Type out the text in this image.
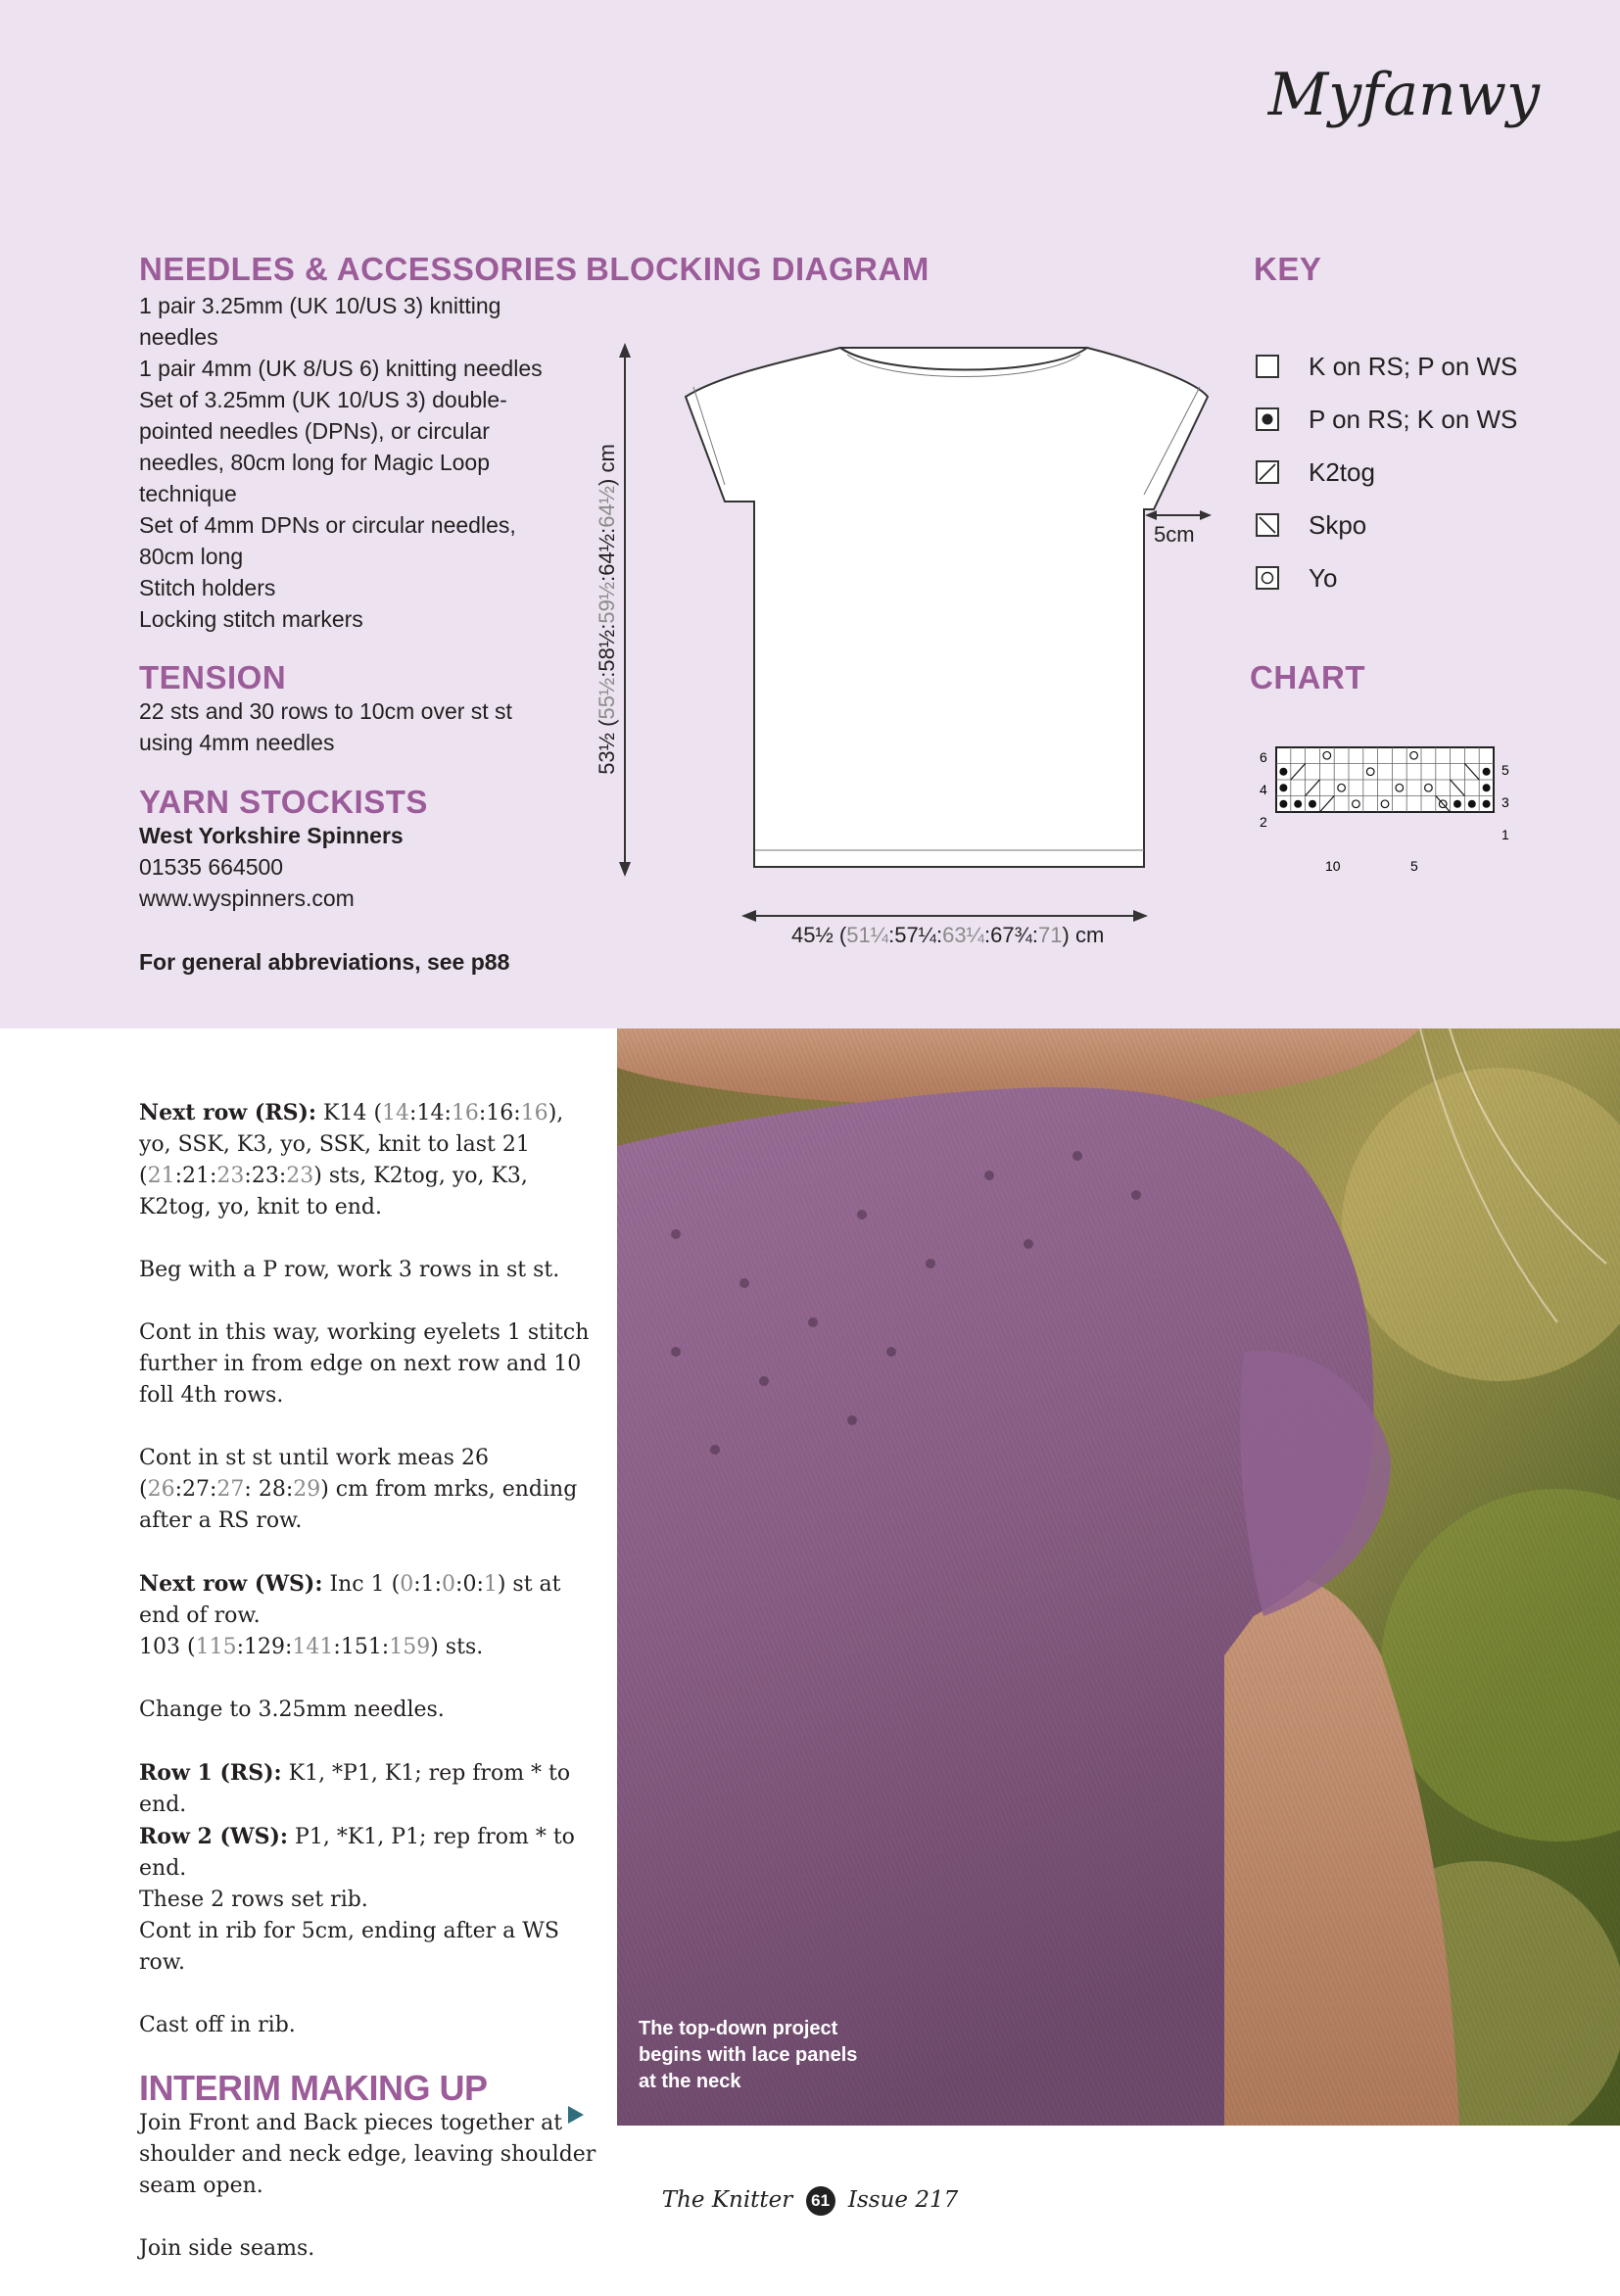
Myfanwy
NEEDLES & ACCESSORIES

1 pair 3.25mm (UK 10/US 3) knitting needles

1 pair 4mm (UK 8/US 6) knitting needles

Set of 3.25mm (UK 10/US 3) double-pointed needles (DPNs), or circular needles, 80cm long for Magic Loop technique

Set of 4mm DPNs or circular needles, 80cm long

Stitch holders

Locking stitch markers

TENSION
22 sts and 30 rows to 10cm over st st using 4mm needles
YARN STOCKISTS

West Yorkshire Spinners

01535 664500

www.wyspinners.com

For general abbreviations, see p88
BLOCKING DIAGRAM
5cm
53½ (55½:58½:59½:64½:64½) cm
45½ (51¼:57¼:63¼:67¾:71) cm
KEY
K on RS; P on WS
P on RS; K on WS
K2tog
Skpo
Yo
CHART
6
4
2
5
3
1
10	5

Next row (RS): K14 (14:14:16:16:16), yo, SSK, K3, yo, SSK, knit to last 21 (21:21:23:23:23) sts, K2tog, yo, K3, K2tog, yo, knit to end.

Beg with a P row, work 3 rows in st st.

Cont in this way, working eyelets 1 stitch further in from edge on next row and 10 foll 4th rows.

Cont in st st until work meas 26 (26:27:27: 28:29) cm from mrks, ending after a RS row.

Next row (WS): Inc 1 (0:1:0:0:1) st at end of row.
103 (115:129:141:151:159) sts.

Change to 3.25mm needles.

Row 1 (RS): K1, *P1, K1; rep from * to end.
Row 2 (WS): P1, *K1, P1; rep from * to end.
These 2 rows set rib.
Cont in rib for 5cm, ending after a WS row.

Cast off in rib.

INTERIM MAKING UP

Join Front and Back pieces together at shoulder and neck edge, leaving shoulder seam open.

Join side seams.

The top-down project begins with lace panels at the neck
The Knitter 61 Issue 217
